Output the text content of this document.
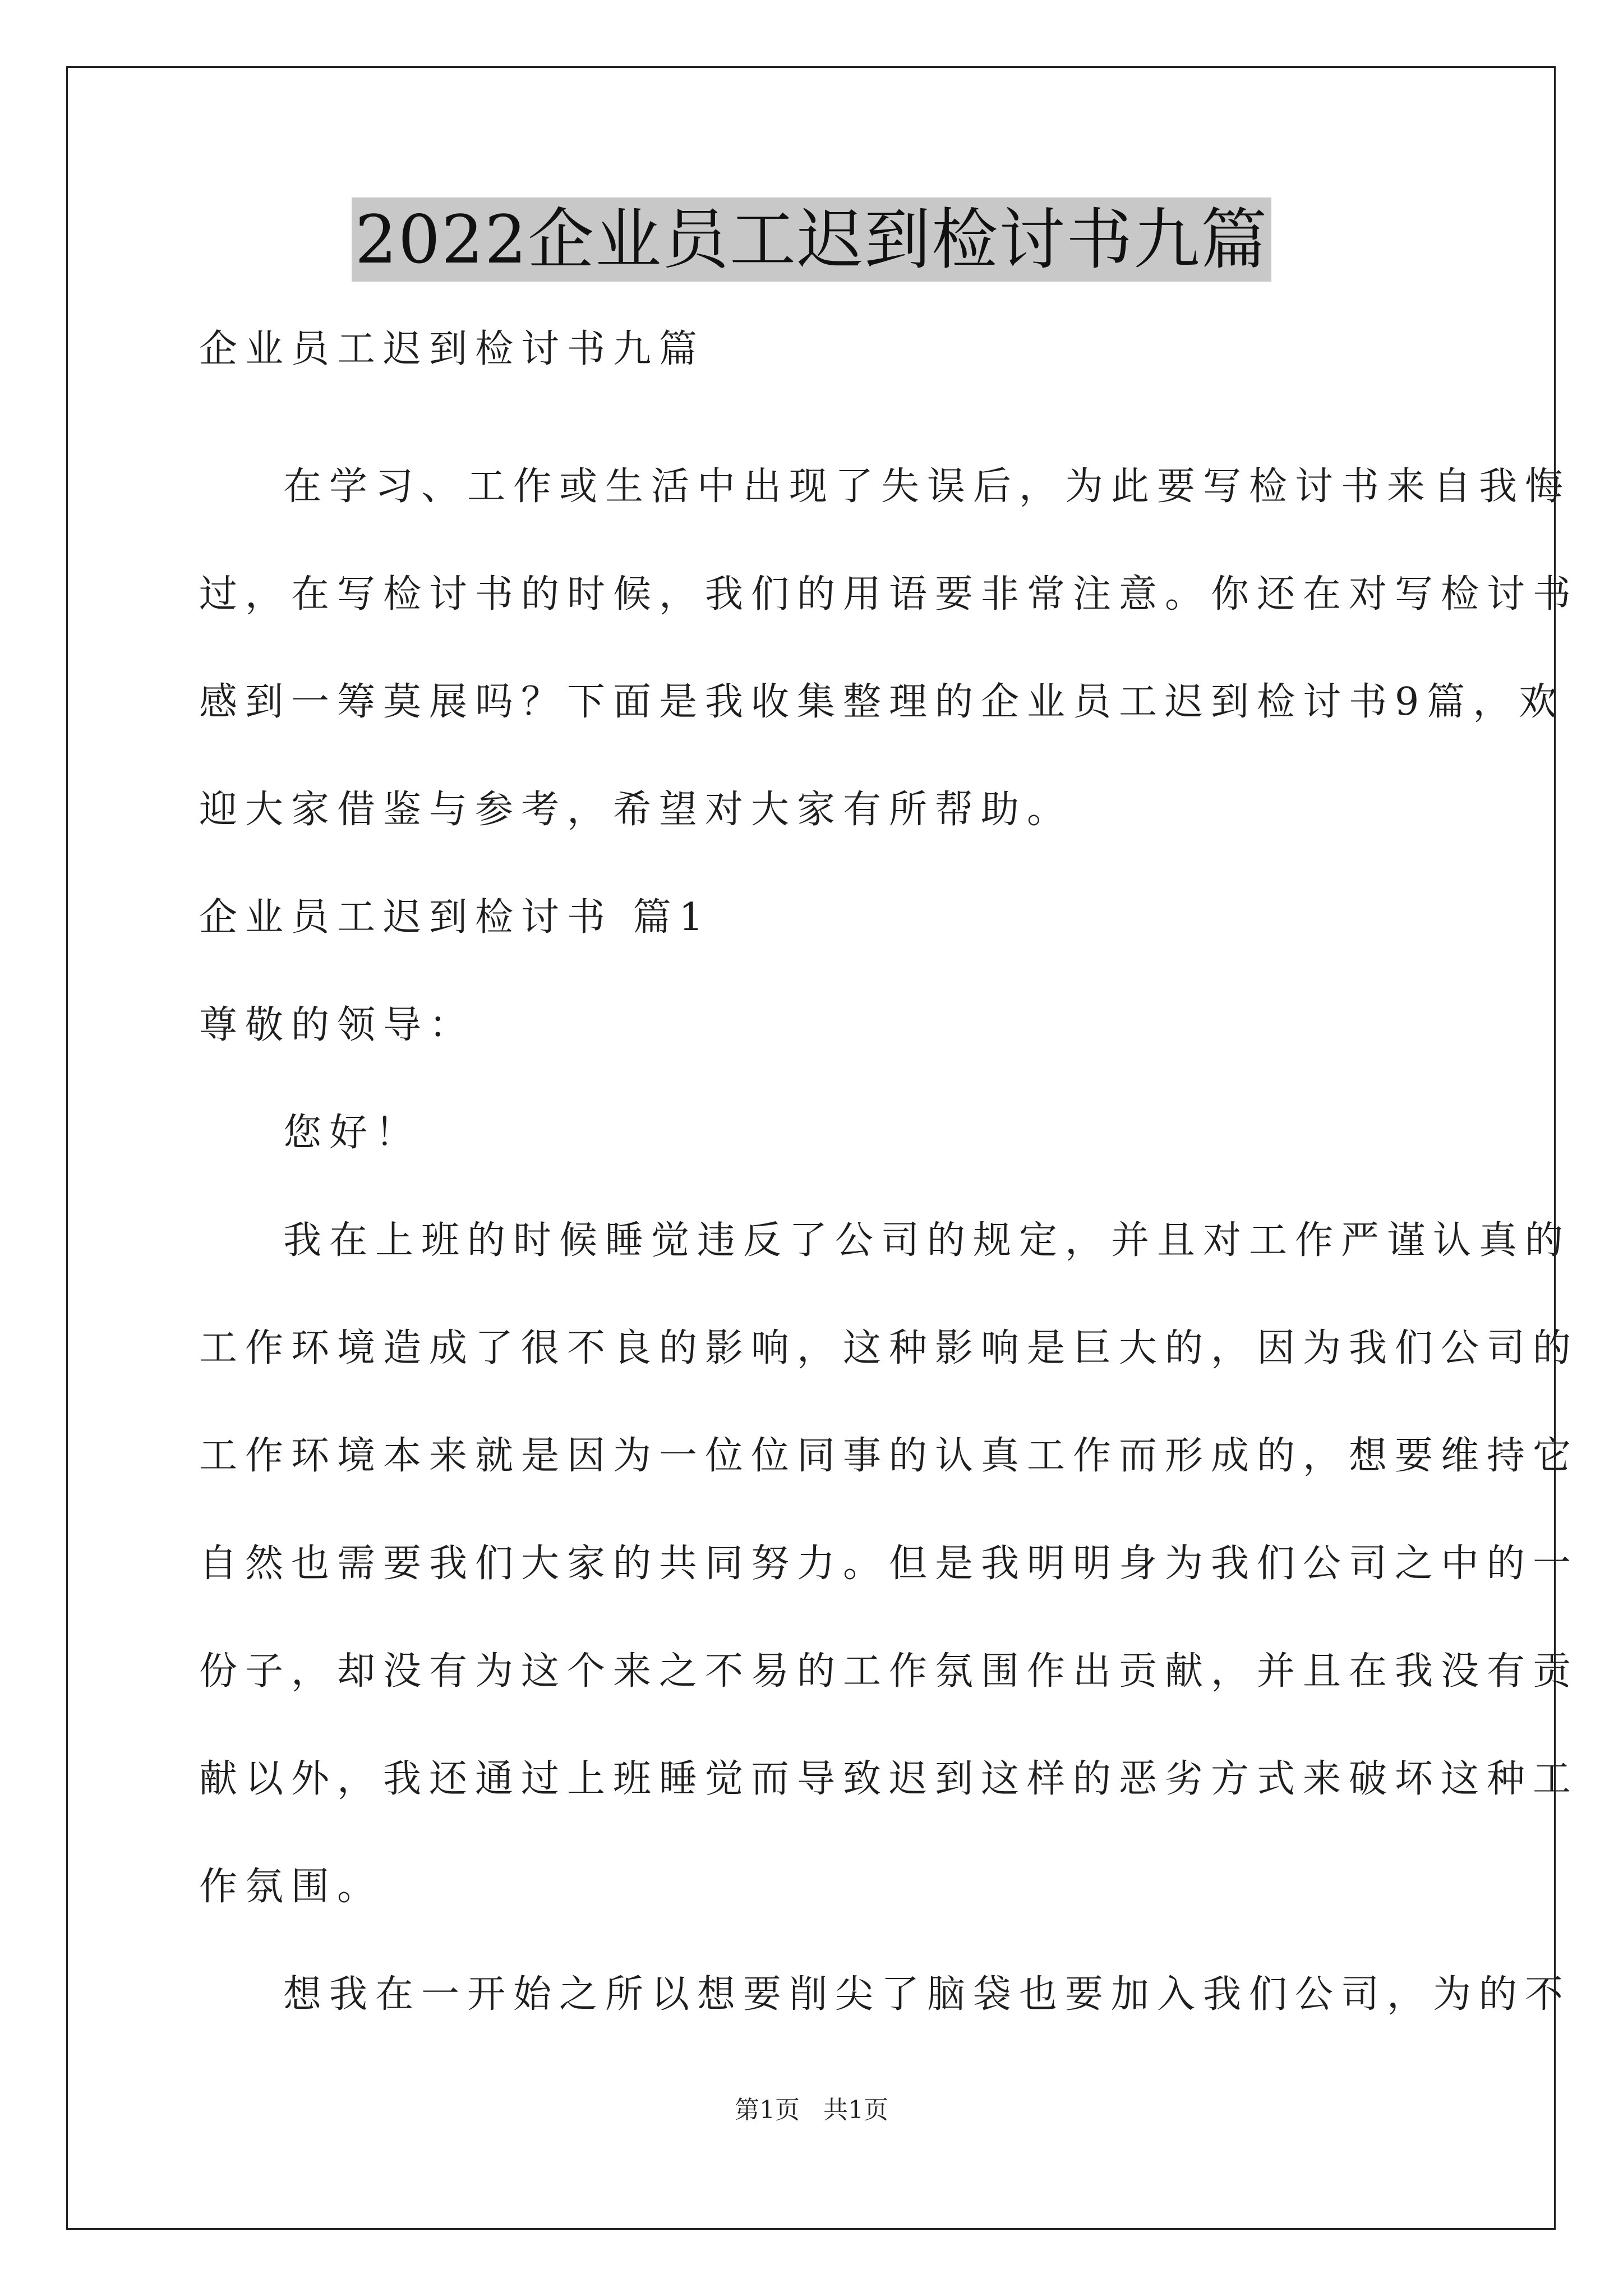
2022企业员工迟到检讨书九篇
企业员工迟到检讨书九篇
在学习、工作或生活中出现了失误后，为此要写检讨书来自我悔
过，在写检讨书的时候，我们的用语要非常注意。你还在对写检讨书
感到一筹莫展吗？下面是我收集整理的企业员工迟到检讨书9篇，欢
迎大家借鉴与参考，希望对大家有所帮助。
企业员工迟到检讨书 篇1
尊敬的领导：
您好！
我在上班的时候睡觉违反了公司的规定，并且对工作严谨认真的
工作环境造成了很不良的影响，这种影响是巨大的，因为我们公司的
工作环境本来就是因为一位位同事的认真工作而形成的，想要维持它
自然也需要我们大家的共同努力。但是我明明身为我们公司之中的一
份子，却没有为这个来之不易的工作氛围作出贡献，并且在我没有贡
献以外，我还通过上班睡觉而导致迟到这样的恶劣方式来破坏这种工
作氛围。
想我在一开始之所以想要削尖了脑袋也要加入我们公司，为的不
第1页 共1页
